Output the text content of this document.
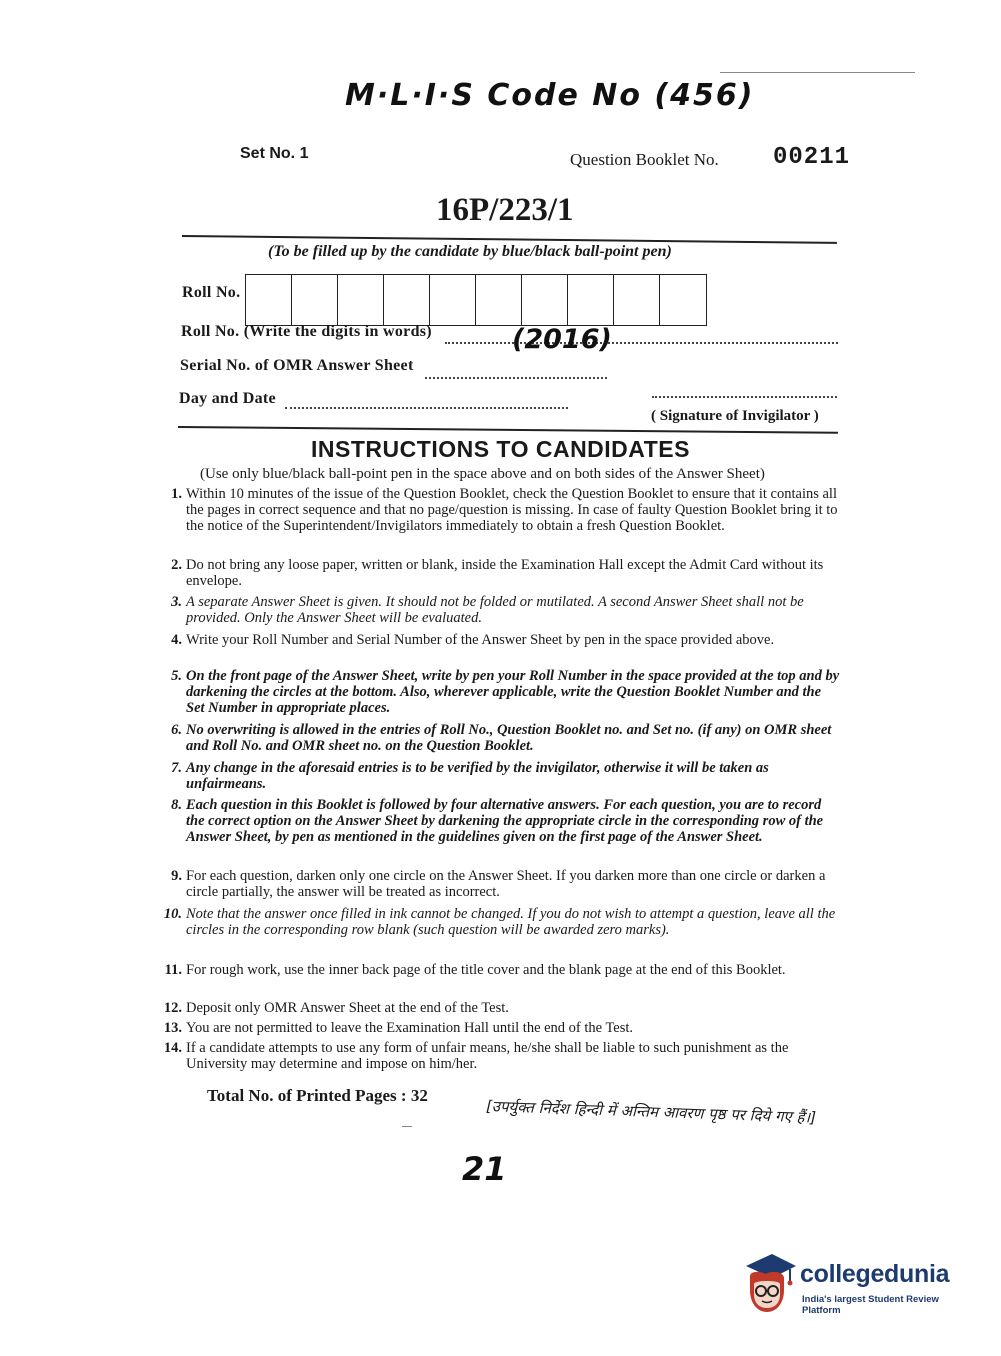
M·L·I·S Code No (456)
Set No. 1	Question Booklet No. 00211
16P/223/1
(To be filled up by the candidate by blue/black ball-point pen)
Roll No.
Roll No. (Write the digits in words)	(2016)
Serial No. of OMR Answer Sheet
Day and Date
( Signature of Invigilator )
INSTRUCTIONS TO CANDIDATES
(Use only blue/black ball-point pen in the space above and on both sides of the Answer Sheet)
1. Within 10 minutes of the issue of the Question Booklet, check the Question Booklet to ensure that it contains all the pages in correct sequence and that no page/question is missing. In case of faulty Question Booklet bring it to the notice of the Superintendent/Invigilators immediately to obtain a fresh Question Booklet.
2. Do not bring any loose paper, written or blank, inside the Examination Hall except the Admit Card without its envelope.
3. A separate Answer Sheet is given. It should not be folded or mutilated. A second Answer Sheet shall not be provided. Only the Answer Sheet will be evaluated.
4. Write your Roll Number and Serial Number of the Answer Sheet by pen in the space provided above.
5. On the front page of the Answer Sheet, write by pen your Roll Number in the space provided at the top and by darkening the circles at the bottom. Also, wherever applicable, write the Question Booklet Number and the Set Number in appropriate places.
6. No overwriting is allowed in the entries of Roll No., Question Booklet no. and Set no. (if any) on OMR sheet and Roll No. and OMR sheet no. on the Question Booklet.
7. Any change in the aforesaid entries is to be verified by the invigilator, otherwise it will be taken as unfairmeans.
8. Each question in this Booklet is followed by four alternative answers. For each question, you are to record the correct option on the Answer Sheet by darkening the appropriate circle in the corresponding row of the Answer Sheet, by pen as mentioned in the guidelines given on the first page of the Answer Sheet.
9. For each question, darken only one circle on the Answer Sheet. If you darken more than one circle or darken a circle partially, the answer will be treated as incorrect.
10. Note that the answer once filled in ink cannot be changed. If you do not wish to attempt a question, leave all the circles in the corresponding row blank (such question will be awarded zero marks).
11. For rough work, use the inner back page of the title cover and the blank page at the end of this Booklet.
12. Deposit only OMR Answer Sheet at the end of the Test.
13. You are not permitted to leave the Examination Hall until the end of the Test.
14. If a candidate attempts to use any form of unfair means, he/she shall be liable to such punishment as the University may determine and impose on him/her.
Total No. of Printed Pages : 32
[उपर्युक्त निर्देश हिन्दी में अन्तिम आवरण पृष्ठ पर दिये गए हैं।]
21
collegedunia
India's largest Student Review Platform
